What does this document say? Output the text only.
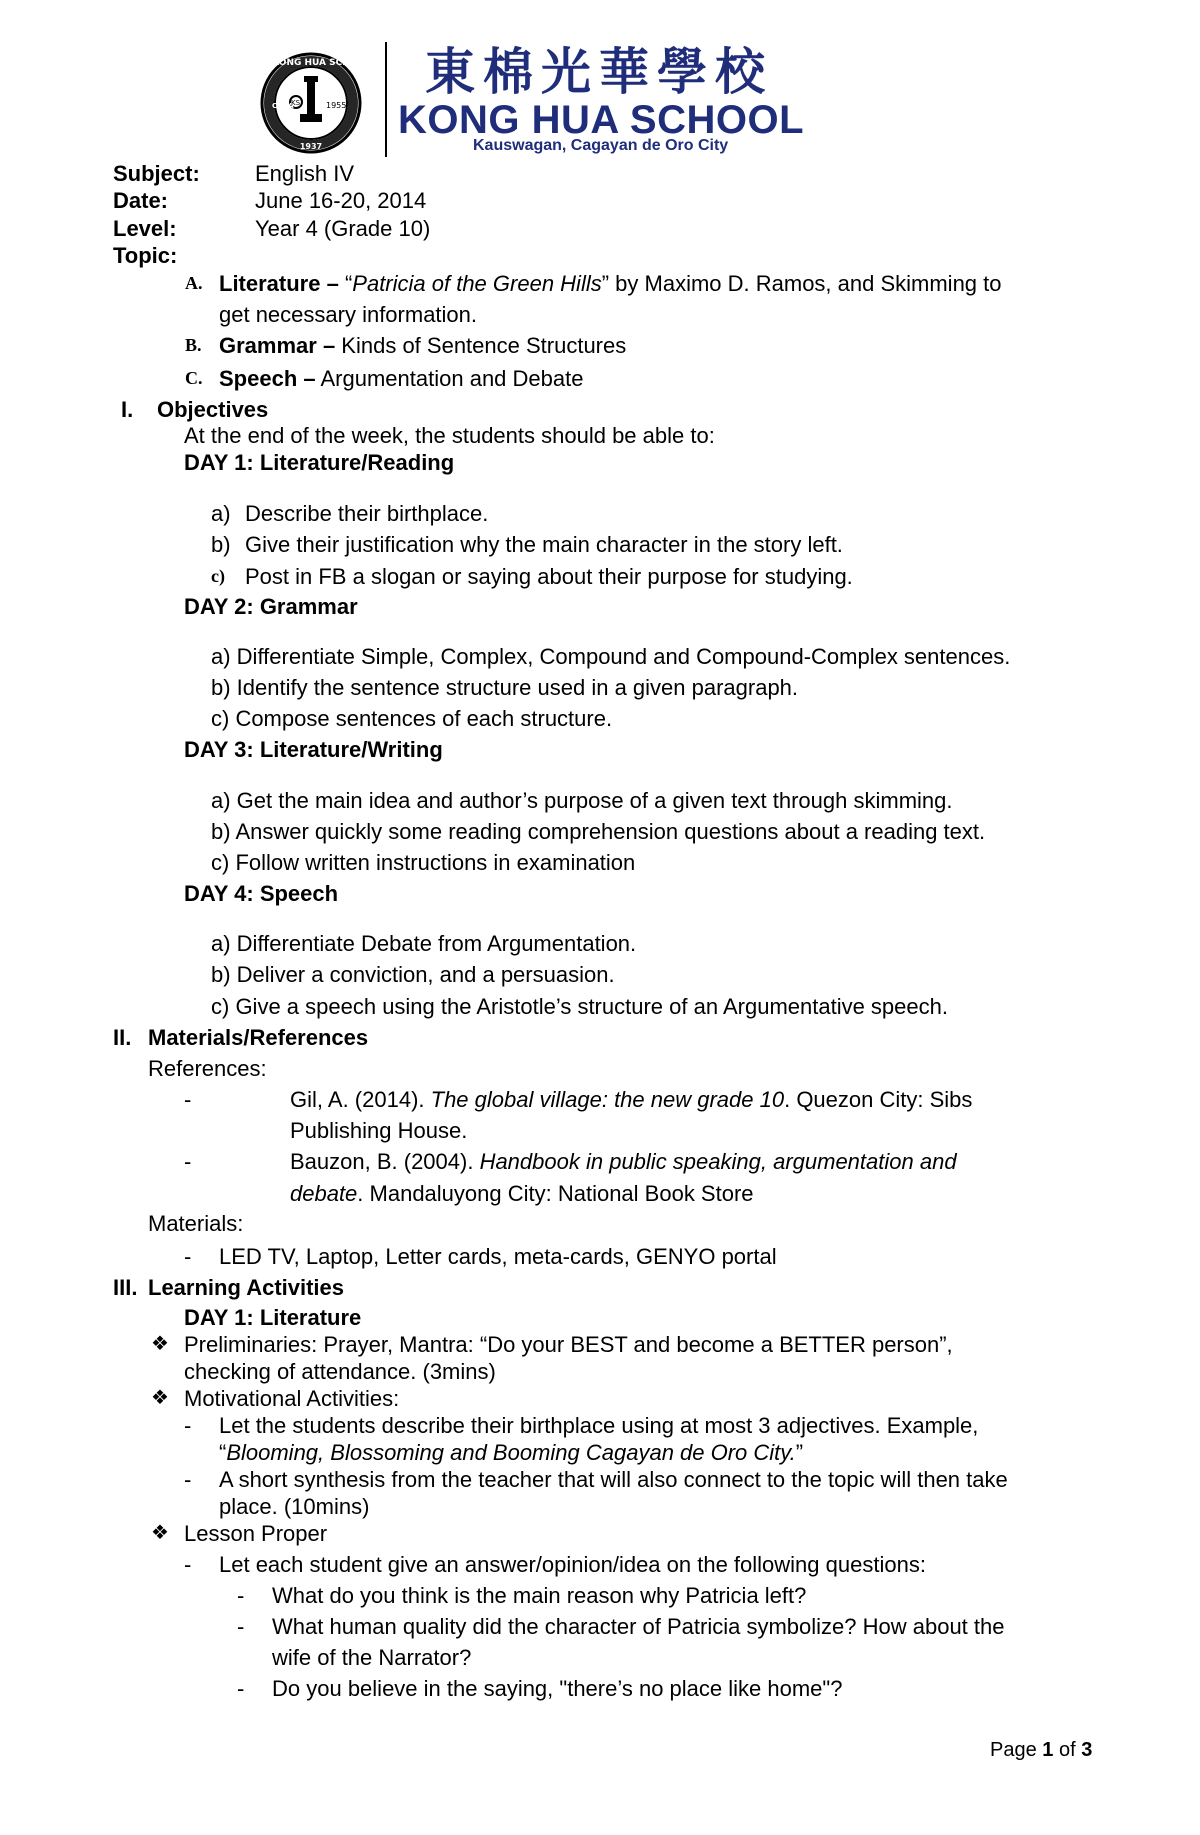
KONG HUA SCH
CAGA	1955
1937
KS
東棉光華學校
KONG HUA SCHOOL
Kauswagan, Cagayan de Oro City
Subject:	English IV
Date:	June 16-20, 2014
Level:	Year 4 (Grade 10)
Topic:
A. Literature – “Patricia of the Green Hills” by Maximo D. Ramos, and Skimming to
get necessary information.
B. Grammar – Kinds of Sentence Structures
C. Speech – Argumentation and Debate
I. Objectives
At the end of the week, the students should be able to:
DAY 1: Literature/Reading
a) Describe their birthplace.
b) Give their justification why the main character in the story left.
c) Post in FB a slogan or saying about their purpose for studying.
DAY 2: Grammar
a) Differentiate Simple, Complex, Compound and Compound-Complex sentences.
b) Identify the sentence structure used in a given paragraph.
c) Compose sentences of each structure.
DAY 3: Literature/Writing
a) Get the main idea and author’s purpose of a given text through skimming.
b) Answer quickly some reading comprehension questions about a reading text.
c) Follow written instructions in examination
DAY 4: Speech
a) Differentiate Debate from Argumentation.
b) Deliver a conviction, and a persuasion.
c) Give a speech using the Aristotle’s structure of an Argumentative speech.
II. Materials/References
References:
-	Gil, A. (2014). The global village: the new grade 10. Quezon City: Sibs
Publishing House.
-	Bauzon, B. (2004). Handbook in public speaking, argumentation and
debate. Mandaluyong City: National Book Store
Materials:
- LED TV, Laptop, Letter cards, meta-cards, GENYO portal
III. Learning Activities
DAY 1: Literature
❖ Preliminaries: Prayer, Mantra: “Do your BEST and become a BETTER person”,
checking of attendance. (3mins)
❖ Motivational Activities:
- Let the students describe their birthplace using at most 3 adjectives. Example,
“Blooming, Blossoming and Booming Cagayan de Oro City.”
- A short synthesis from the teacher that will also connect to the topic will then take
place. (10mins)
❖ Lesson Proper
- Let each student give an answer/opinion/idea on the following questions:
- What do you think is the main reason why Patricia left?
- What human quality did the character of Patricia symbolize? How about the
wife of the Narrator?
- Do you believe in the saying, "there’s no place like home"?
Page 1 of 3
